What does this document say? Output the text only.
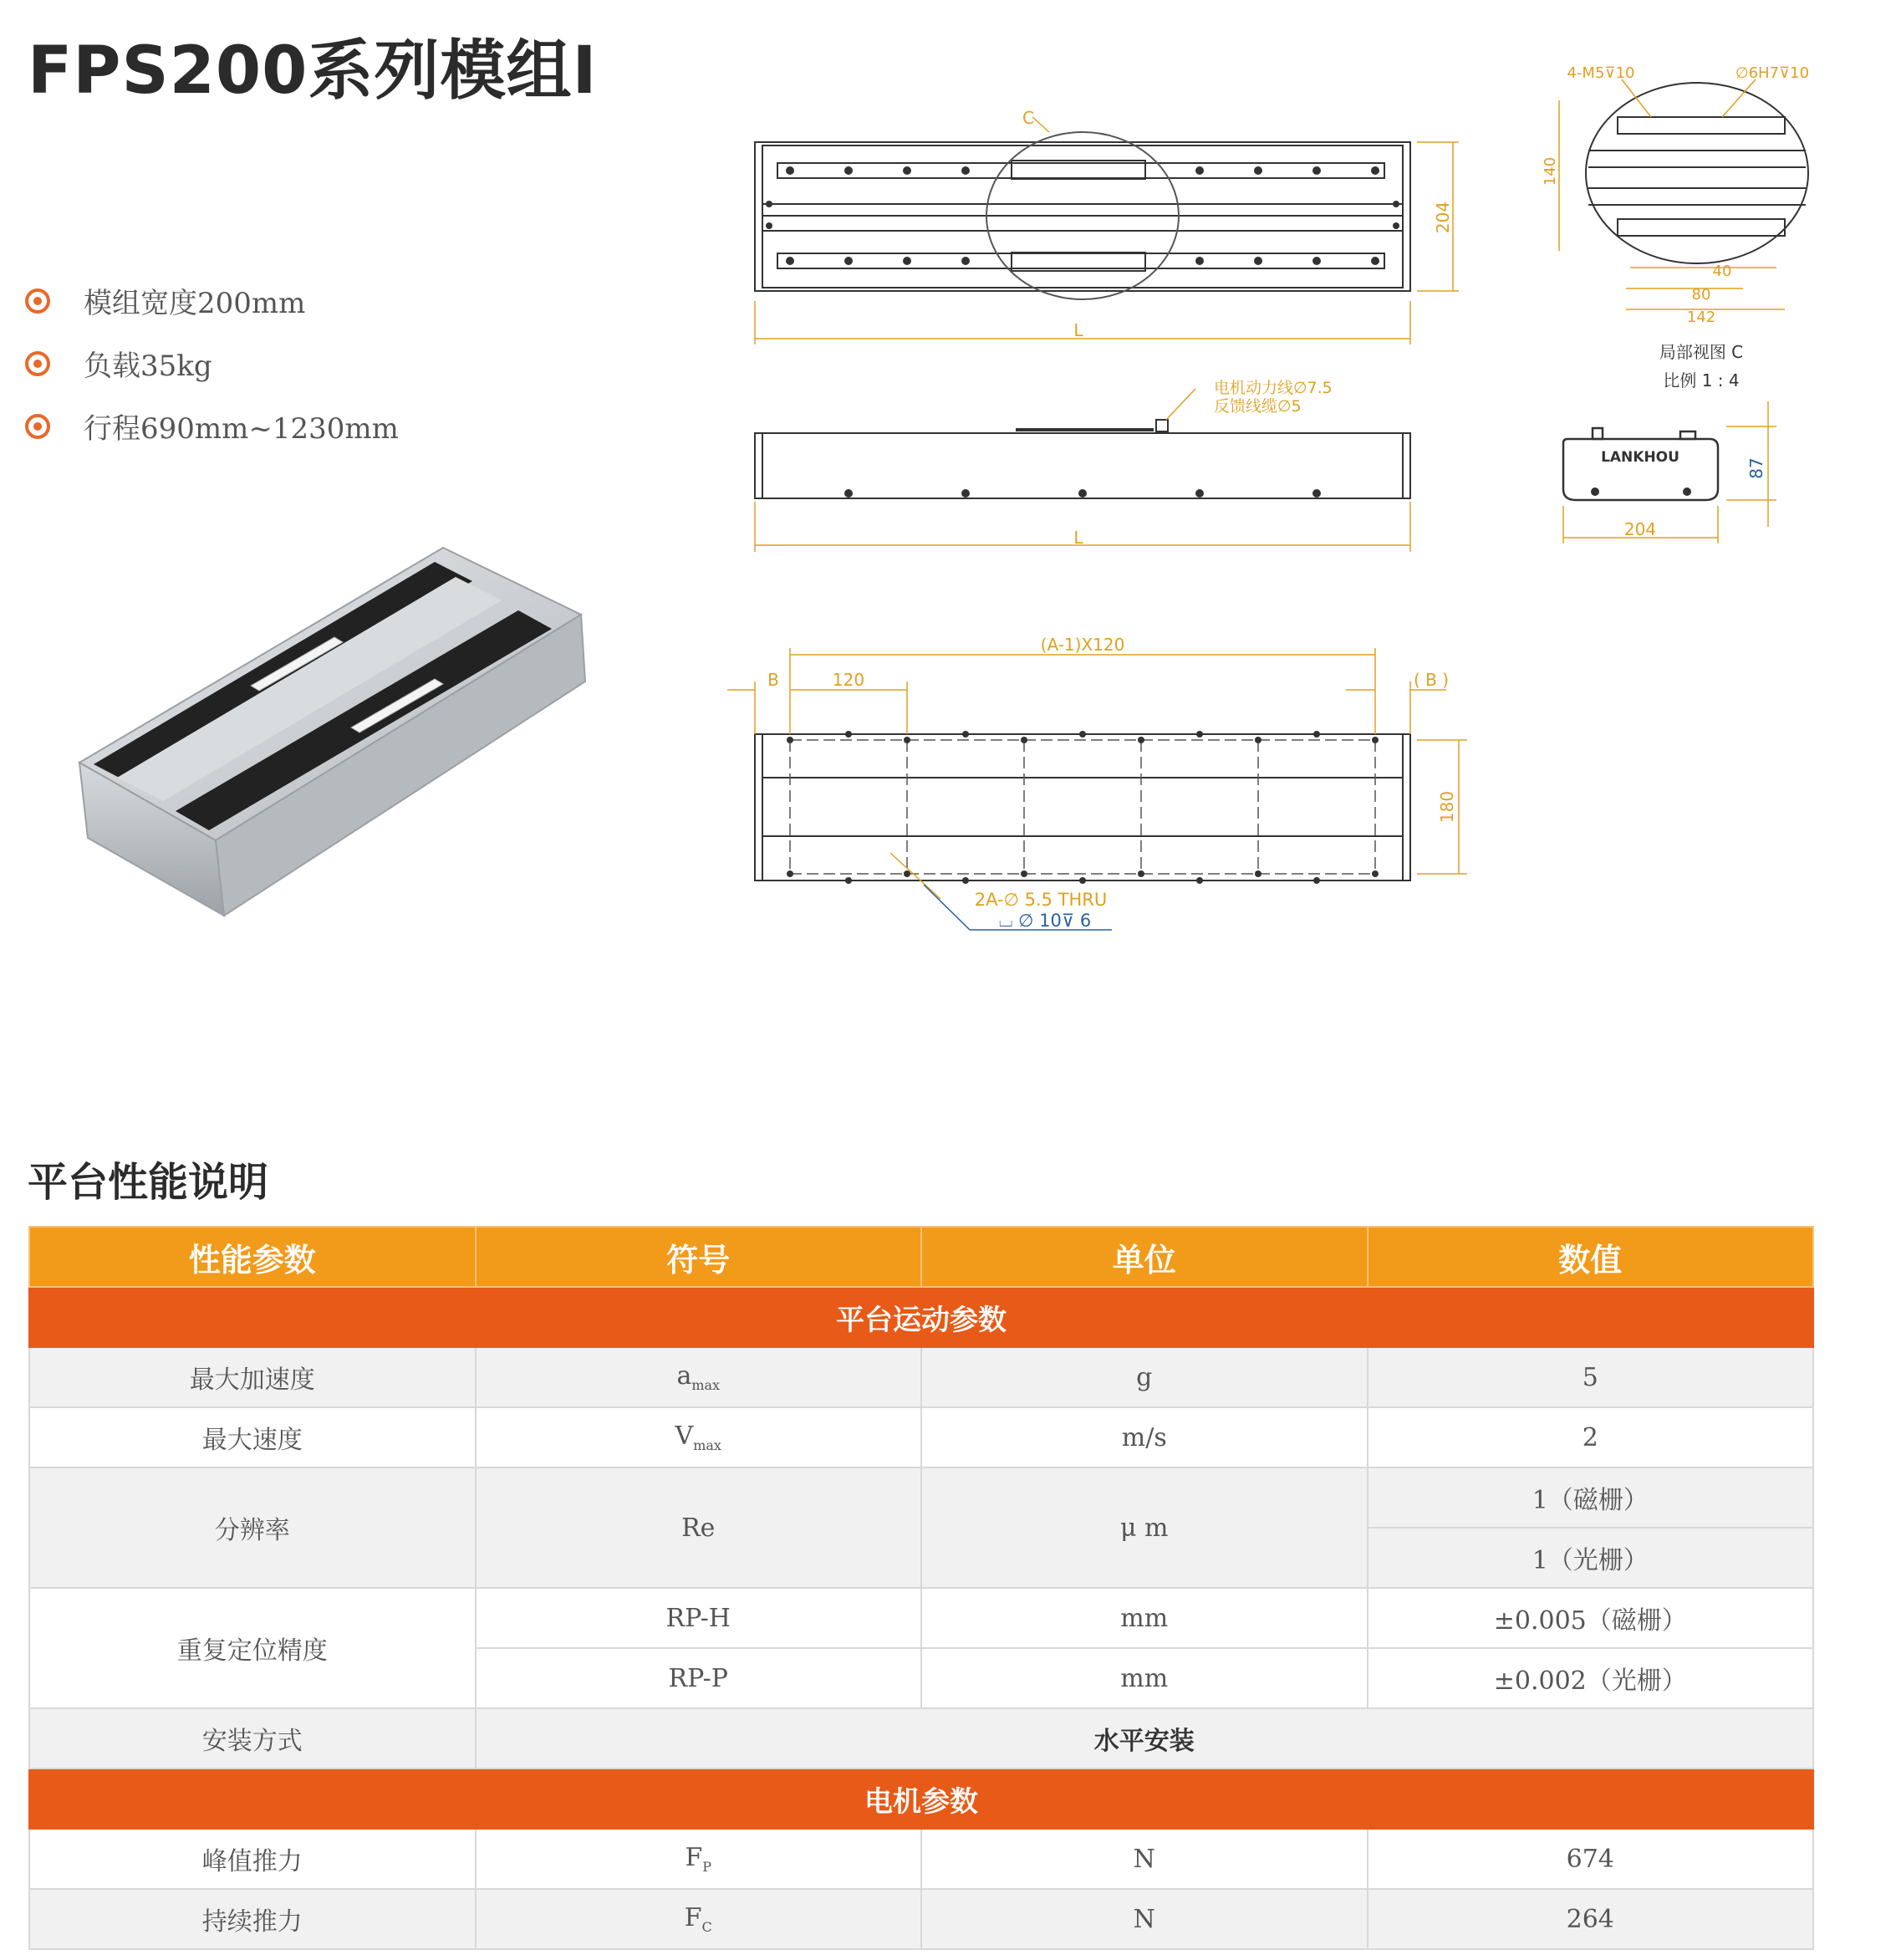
FPS200系列模组Ⅰ
模组宽度200mm
负载35kg
行程690mm~1230mm
L
C
204
4-M5⊽10	∅6H7⊽10
140
40
80
142
局部视图 C
比例 1 : 4
L
电机动力线∅7.5
反馈线缆∅5
LANKHOU
204
87
(A-1)X120
B	120	( B )
180
2A-∅ 5.5 THRU
⌴ ∅ 10⊽ 6
平台性能说明
性能参数	符号	单位	数值
平台运动参数			
最大加速度	$a_{max}$	g	5
最大速度	$V_{max}$	m/s	2
分辨率	Re	μ m	1（磁栅）
			1（光栅）
重复定位精度	RP-H	mm	±0.005（磁栅）
	RP-P	mm	±0.002（光栅）
安装方式	水平安装		
电机参数			
峰值推力	$F_P$	N	674
持续推力	$F_C$	N	264
